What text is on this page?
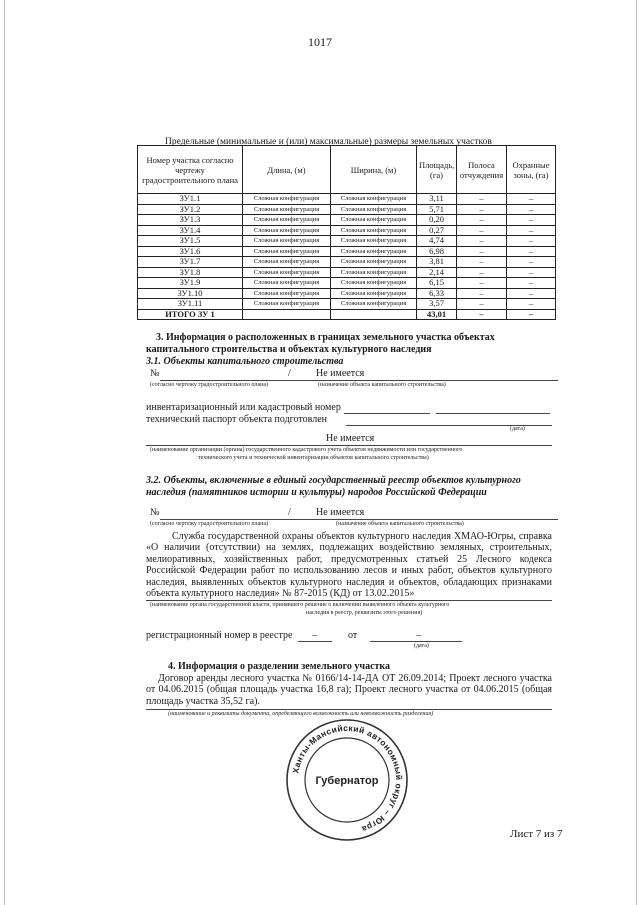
1017
Предельные (минимальные и (или) максимальные) размеры земельных участков
Номер участка согласно чертежу градостроительного плана	Длина, (м)	Ширина, (м)	Площадь, (га)	Полоса отчуждения	Охранные зоны, (га)
ЗУ1.1	Сложная конфигурация	Сложная конфигурация	3,11	–	–
ЗУ1.2	Сложная конфигурация	Сложная конфигурация	5,71	–	–
ЗУ1.3	Сложная конфигурация	Сложная конфигурация	0,20	–	–
ЗУ1.4	Сложная конфигурация	Сложная конфигурация	0,27	–	–
ЗУ1.5	Сложная конфигурация	Сложная конфигурация	4,74	–	–
ЗУ1.6	Сложная конфигурация	Сложная конфигурация	6,98	–	–
ЗУ1.7	Сложная конфигурация	Сложная конфигурация	3,81	–	–
ЗУ1.8	Сложная конфигурация	Сложная конфигурация	2,14	–	–
ЗУ1.9	Сложная конфигурация	Сложная конфигурация	6,15	–	–
ЗУ1.10	Сложная конфигурация	Сложная конфигурация	6,33	–	–
ЗУ1.11	Сложная конфигурация	Сложная конфигурация	3,57	–	–
ИТОГО ЗУ 1			43,01	–	–
3. Информация о расположенных в границах земельного участка объектах
капитального строительства и объектах культурного наследия
3.1. Объекты капитального строительства
№	/	Не имеется
(согласно чертежу градостроительного плана)	(назначение объекта капитального строительства)
инвентаризационный или кадастровый номер
технический паспорт объекта подготовлен
(дата)
Не имеется
(наименование организации (органа) государственного кадастрового учета объектов недвижимости или государственного
технического учета и технической инвентаризации объектов капитального строительства)
3.2. Объекты, включенные в единый государственный реестр объектов культурного
наследия (памятников истории и культуры) народов Российской Федерации
№	/	Не имеется
(согласно чертежу градостроительного плана)	(назначение объекта капитального строительства)
Служба государственной охраны объектов культурного наследия ХМАО-Югры, справка «О наличии (отсутствии) на землях, подлежащих воздействию земляных, строительных, мелиоративных, хозяйственных работ, предусмотренных статьей 25 Лесного кодекса Российской Федерации работ по использованию лесов и иных работ, объектов культурного наследия, выявленных объектов культурного наследия и объектов, обладающих признаками объекта культурного наследия» № 87-2015 (КД) от 13.02.2015»
(наименование органа государственной власти, принявшего решение о включении выявленного объекта культурного
наследия в реестр, реквизиты этого решения)
регистрационный номер в реестре –	от	–
(дата)
4. Информация о разделении земельного участка
Договор аренды лесного участка № 0166/14-14-ДА ОТ 26.09.2014; Проект лесного участка от 04.06.2015 (общая площадь участка 16,8 га); Проект лесного участка от 04.06.2015 (общая площадь участка 35,52 га).
(наименование и реквизиты документа, определяющего возможность или невозможность разделения)
Ханты-Мансийский автономный округ – Югра
Губернатор
Лист 7 из 7
